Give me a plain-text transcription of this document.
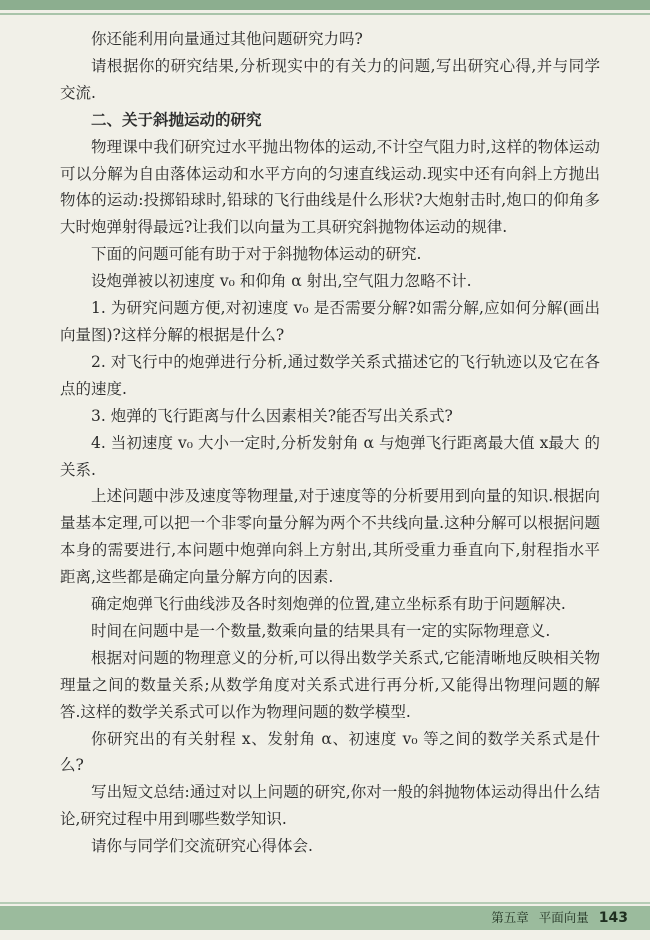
你还能利用向量通过其他问题研究力吗?

请根据你的研究结果,分析现实中的有关力的问题,写出研究心得,并与同学交流.

二、关于斜抛运动的研究

物理课中我们研究过水平抛出物体的运动,不计空气阻力时,这样的物体运动可以分解为自由落体运动和水平方向的匀速直线运动.现实中还有向斜上方抛出物体的运动:投掷铅球时,铅球的飞行曲线是什么形状?大炮射击时,炮口的仰角多大时炮弹射得最远?让我们以向量为工具研究斜抛物体运动的规律.

下面的问题可能有助于对于斜抛物体运动的研究.

设炮弹被以初速度 v₀ 和仰角 α 射出,空气阻力忽略不计.

1. 为研究问题方便,对初速度 v₀ 是否需要分解?如需分解,应如何分解(画出向量图)?这样分解的根据是什么?

2. 对飞行中的炮弹进行分析,通过数学关系式描述它的飞行轨迹以及它在各点的速度.

3. 炮弹的飞行距离与什么因素相关?能否写出关系式?

4. 当初速度 v₀ 大小一定时,分析发射角 α 与炮弹飞行距离最大值 x最大 的关系.

上述问题中涉及速度等物理量,对于速度等的分析要用到向量的知识.根据向量基本定理,可以把一个非零向量分解为两个不共线向量.这种分解可以根据问题本身的需要进行,本问题中炮弹向斜上方射出,其所受重力垂直向下,射程指水平距离,这些都是确定向量分解方向的因素.

确定炮弹飞行曲线涉及各时刻炮弹的位置,建立坐标系有助于问题解决.

时间在问题中是一个数量,数乘向量的结果具有一定的实际物理意义.

根据对问题的物理意义的分析,可以得出数学关系式,它能清晰地反映相关物理量之间的数量关系;从数学角度对关系式进行再分析,又能得出物理问题的解答.这样的数学关系式可以作为物理问题的数学模型.

你研究出的有关射程 x、发射角 α、初速度 v₀ 等之间的数学关系式是什么?

写出短文总结:通过对以上问题的研究,你对一般的斜抛物体运动得出什么结论,研究过程中用到哪些数学知识.

请你与同学们交流研究心得体会.

第五章 平面向量 143
